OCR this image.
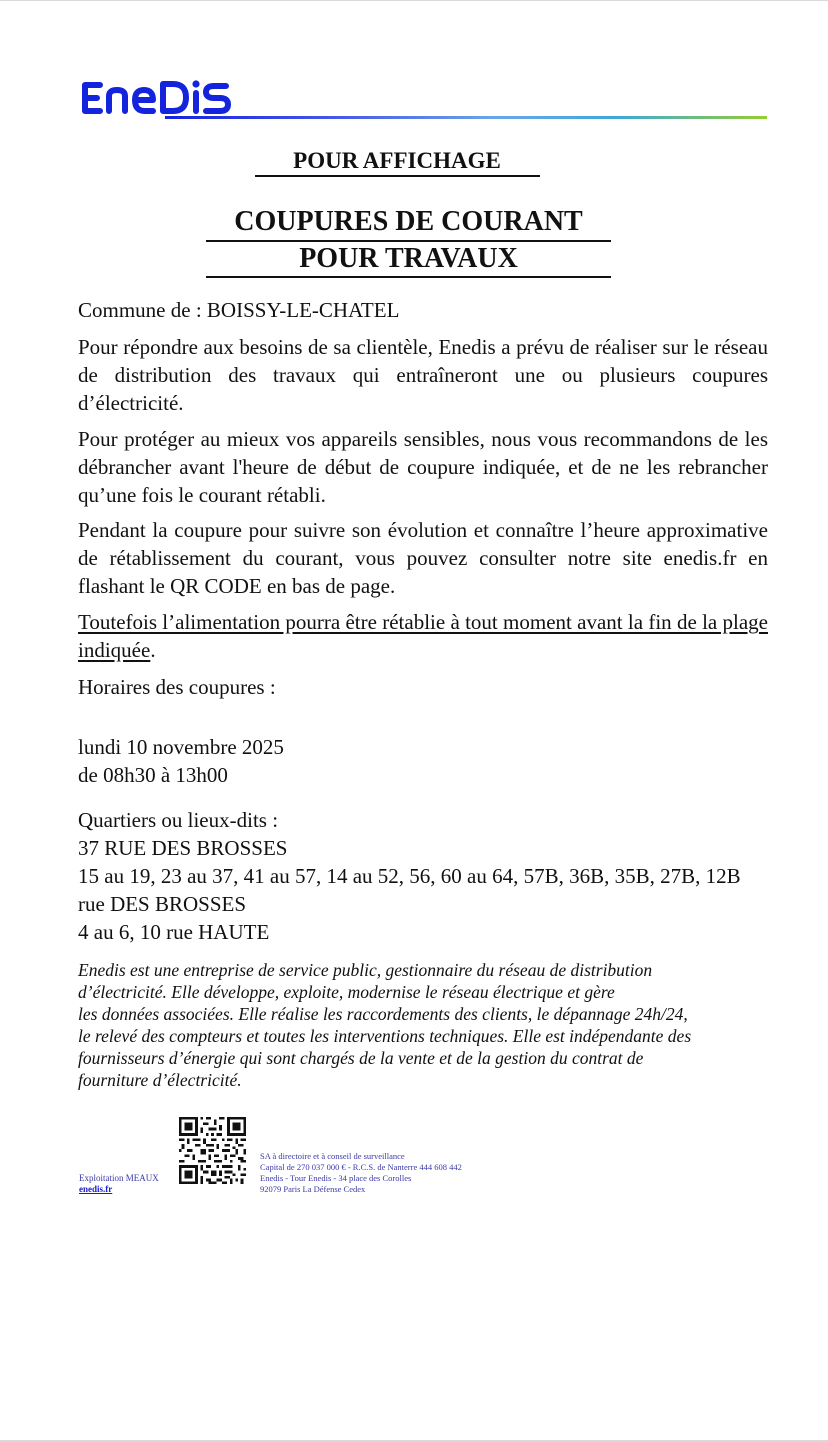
POUR AFFICHAGE
COUPURES DE COURANT
POUR TRAVAUX
Commune de : BOISSY-LE-CHATEL
Pour répondre aux besoins de sa clientèle, Enedis a prévu de réaliser sur le réseau de distribution des travaux qui entraîneront une ou plusieurs coupures d’électricité.
Pour protéger au mieux vos appareils sensibles, nous vous recommandons de les débrancher avant l'heure de début de coupure indiquée, et de ne les rebrancher qu’une fois le courant rétabli.
Pendant la coupure pour suivre son évolution et connaître l’heure approximative de rétablissement du courant, vous pouvez consulter notre site enedis.fr en flashant le QR CODE en bas de page.
Toutefois l’alimentation pourra être rétablie à tout moment avant la fin de la plage indiquée.
Horaires des coupures :
lundi 10 novembre 2025
de 08h30 à 13h00
Quartiers ou lieux-dits :
37 RUE DES BROSSES
15 au 19, 23 au 37, 41 au 57, 14 au 52, 56, 60 au 64, 57B, 36B, 35B, 27B, 12B rue DES BROSSES
4 au 6, 10 rue HAUTE
Enedis est une entreprise de service public, gestionnaire du réseau de distribution
d’électricité. Elle développe, exploite, modernise le réseau électrique et gère
les données associées. Elle réalise les raccordements des clients, le dépannage 24h/24,
le relevé des compteurs et toutes les interventions techniques. Elle est indépendante des
fournisseurs d’énergie qui sont chargés de la vente et de la gestion du contrat de
fourniture d’électricité.
Exploitation MEAUX
enedis.fr
SA à directoire et à conseil de surveillance
Capital de 270 037 000 € - R.C.S. de Nanterre 444 608 442
Enedis - Tour Enedis - 34 place des Corolles
92079 Paris La Défense Cedex
